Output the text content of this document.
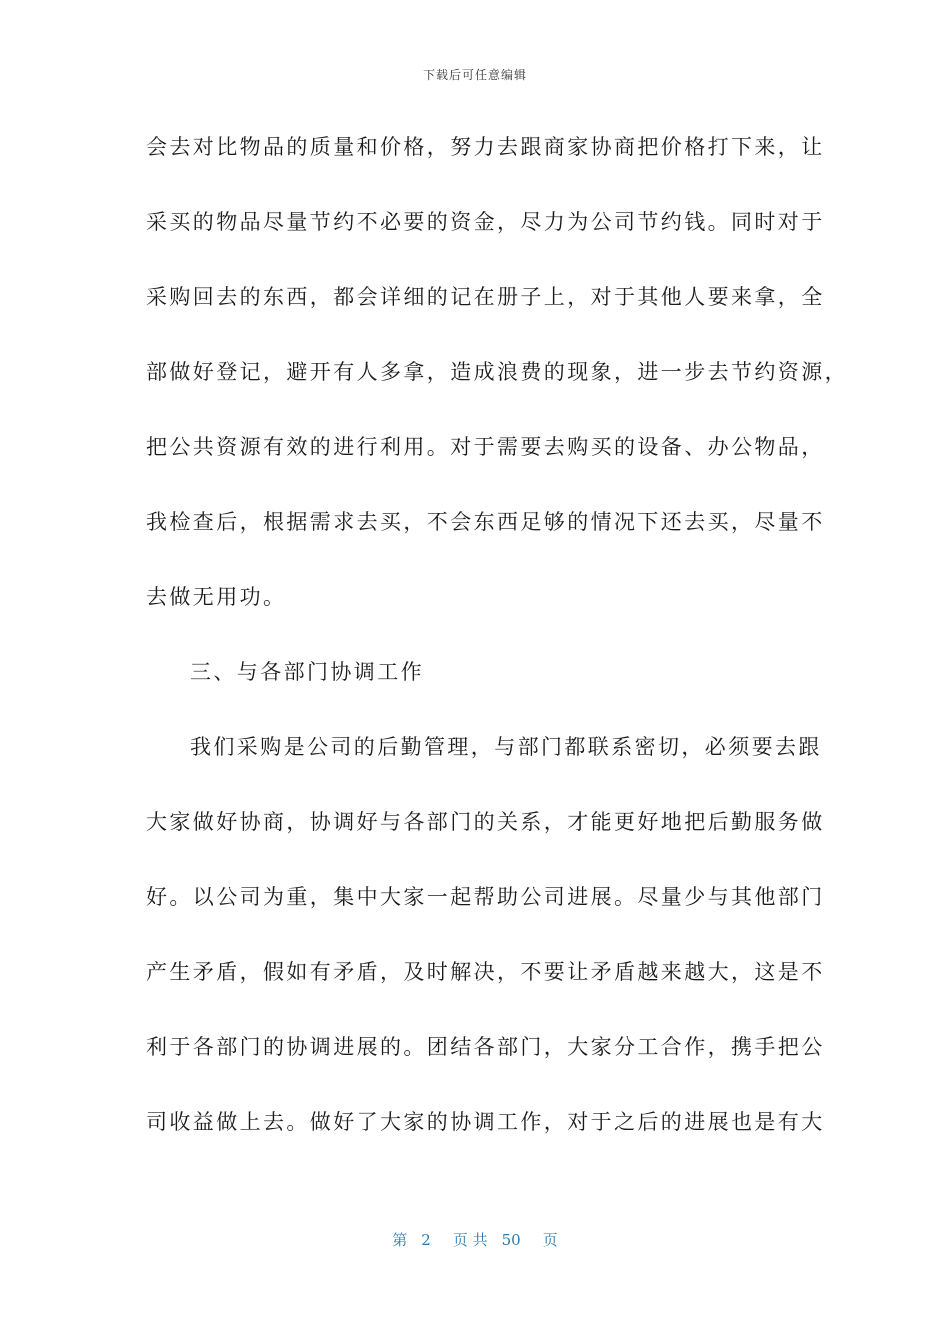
下载后可任意编辑
会去对比物品的质量和价格，努力去跟商家协商把价格打下来，让
采买的物品尽量节约不必要的资金，尽力为公司节约钱。同时对于
采购回去的东西，都会详细的记在册子上，对于其他人要来拿，全
部做好登记，避开有人多拿，造成浪费的现象，进一步去节约资源，
把公共资源有效的进行利用。对于需要去购买的设备、办公物品，
我检查后，根据需求去买，不会东西足够的情况下还去买，尽量不
去做无用功。
三、与各部门协调工作
我们采购是公司的后勤管理，与部门都联系密切，必须要去跟
大家做好协商，协调好与各部门的关系，才能更好地把后勤服务做
好。以公司为重，集中大家一起帮助公司进展。尽量少与其他部门
产生矛盾，假如有矛盾，及时解决，不要让矛盾越来越大，这是不
利于各部门的协调进展的。团结各部门，大家分工合作，携手把公
司收益做上去。做好了大家的协调工作，对于之后的进展也是有大
第 2 页 共 50 页
